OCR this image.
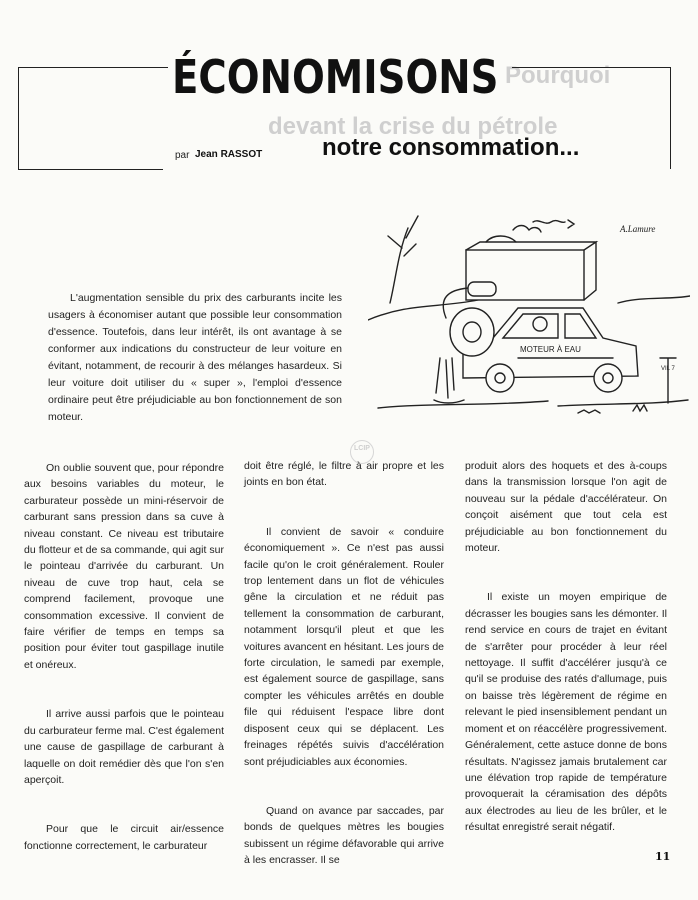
Pourquoi
devant la crise du pétrole
ÉCONOMISONS
par Jean RASSOT notre consommation...
MOTEUR À EAU
VIL 7
A.Lamure

L'augmentation sensible du prix des carburants incite les usagers à économiser autant que possible leur consommation d'essence. Toutefois, dans leur intérêt, ils ont avantage à se conformer aux indications du constructeur de leur voiture en évitant, notamment, de recourir à des mélanges hasardeux. Si leur voiture doit utiliser du « super », l'emploi d'essence ordinaire peut être préjudiciable au bon fonctionnement de son moteur.

LCIP

On oublie souvent que, pour répondre aux besoins variables du moteur, le carburateur possède un mini-réservoir de carburant sans pression dans sa cuve à niveau constant. Ce niveau est tributaire du flotteur et de sa commande, qui agit sur le pointeau d'arrivée du carburant. Un niveau de cuve trop haut, cela se comprend facilement, provoque une consommation excessive. Il convient de faire vérifier de temps en temps sa position pour éviter tout gaspillage inutile et onéreux.

Il arrive aussi parfois que le pointeau du carburateur ferme mal. C'est également une cause de gaspillage de carburant à laquelle on doit remédier dès que l'on s'en aperçoit.

Pour que le circuit air/essence fonctionne correctement, le carburateur

doit être réglé, le filtre à air propre et les joints en bon état.

Il convient de savoir « conduire économiquement ». Ce n'est pas aussi facile qu'on le croit généralement. Rouler trop lentement dans un flot de véhicules gêne la circulation et ne réduit pas tellement la consommation de carburant, notamment lorsqu'il pleut et que les voitures avancent en hésitant. Les jours de forte circulation, le samedi par exemple, est également source de gaspillage, sans compter les véhicules arrêtés en double file qui réduisent l'espace libre dont disposent ceux qui se déplacent. Les freinages répétés suivis d'accélération sont préjudiciables aux économies.

Quand on avance par saccades, par bonds de quelques mètres les bougies subissent un régime défavorable qui arrive à les encrasser. Il se

produit alors des hoquets et des à-coups dans la transmission lorsque l'on agit de nouveau sur la pédale d'accélérateur. On conçoit aisément que tout cela est préjudiciable au bon fonctionnement du moteur.

Il existe un moyen empirique de décrasser les bougies sans les démonter. Il rend service en cours de trajet en évitant de s'arrêter pour procéder à leur réel nettoyage. Il suffit d'accélérer jusqu'à ce qu'il se produise des ratés d'allumage, puis on baisse très légèrement de régime en relevant le pied insensiblement pendant un moment et on réaccélère progressivement. Généralement, cette astuce donne de bons résultats. N'agissez jamais brutalement car une élévation trop rapide de température provoquerait la céramisation des dépôts aux électrodes au lieu de les brûler, et le résultat enregistré serait négatif.

11
